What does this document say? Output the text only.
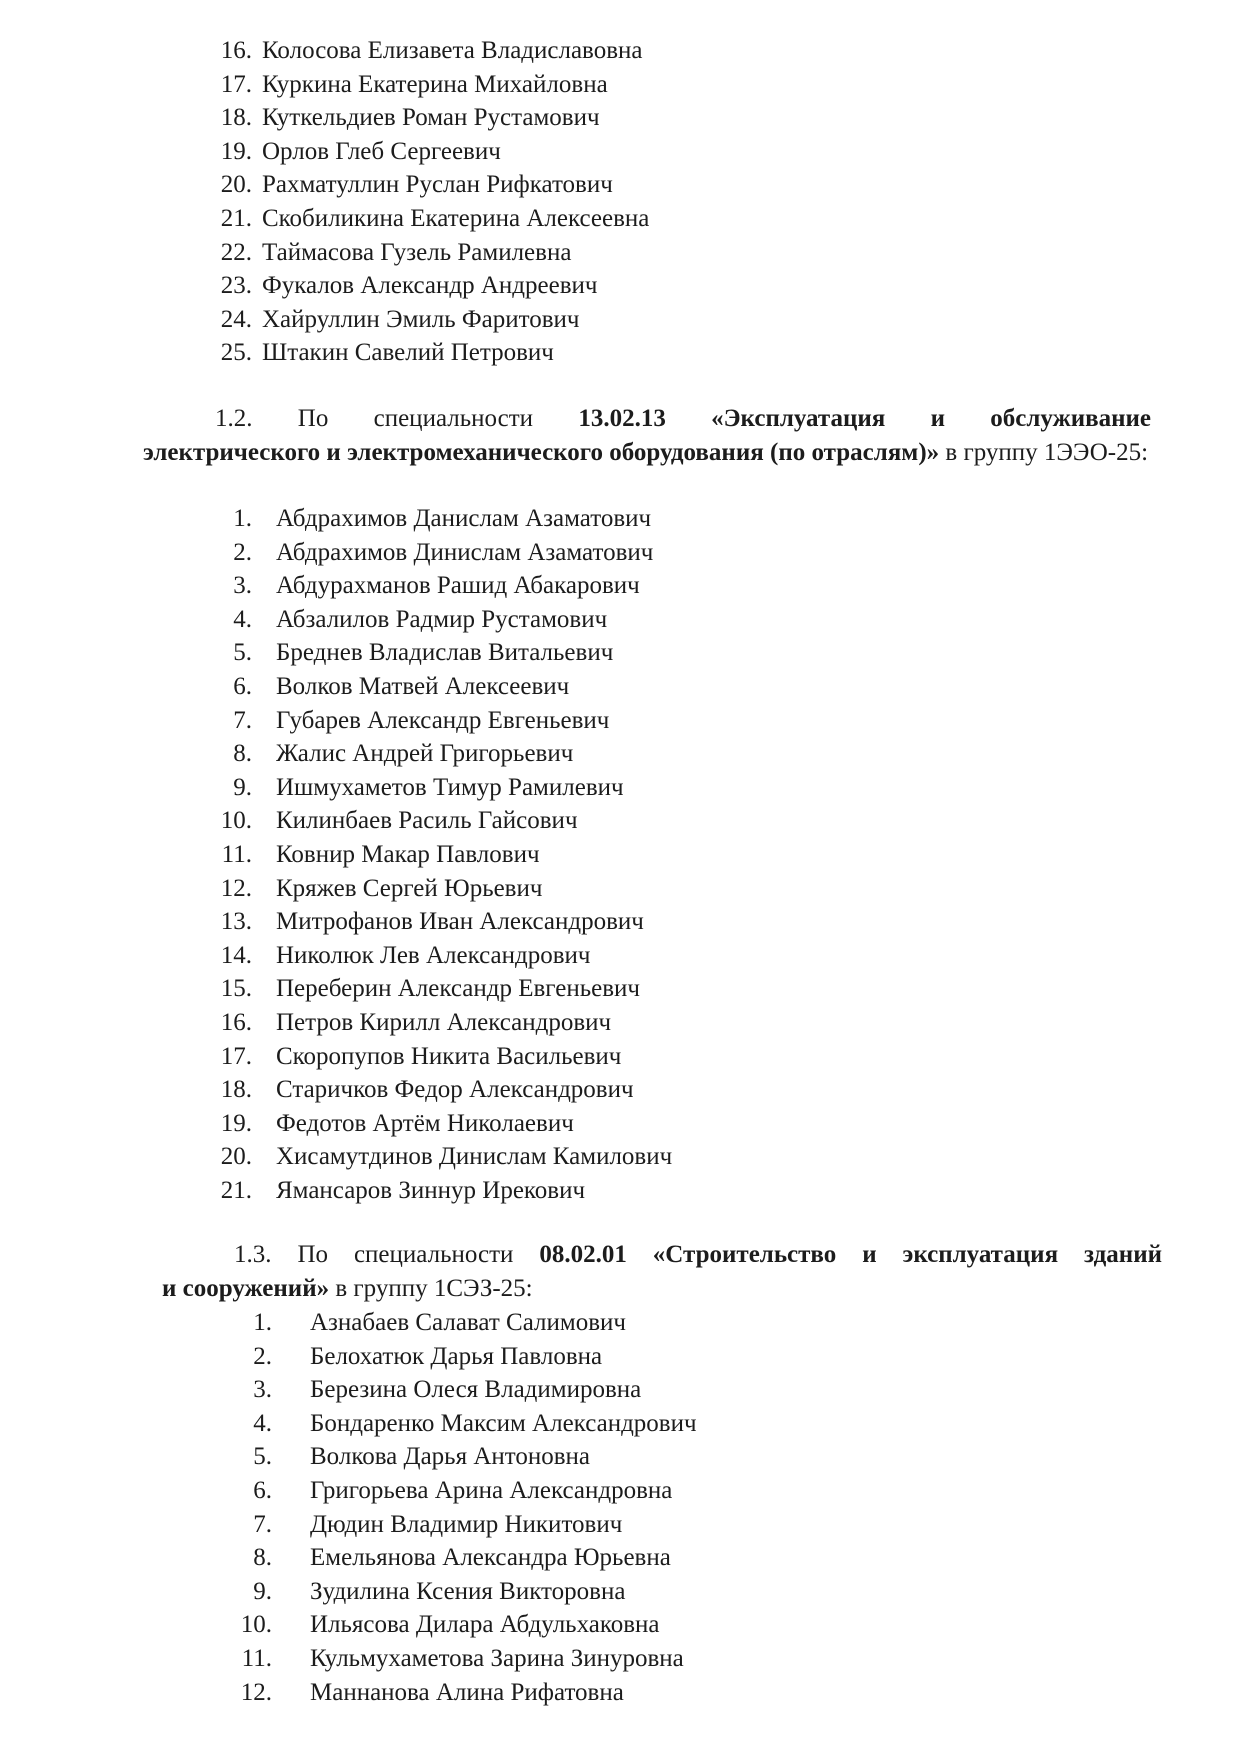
16. Колосова Елизавета Владиславовна
17. Куркина Екатерина Михайловна
18. Куткельдиев Роман Рустамович
19. Орлов Глеб Сергеевич
20. Рахматуллин Руслан Рифкатович
21. Скобиликина Екатерина Алексеевна
22. Таймасова Гузель Рамилевна
23. Фукалов Александр Андреевич
24. Хайруллин Эмиль Фаритович
25. Штакин Савелий Петрович

1.2. По специальности 13.02.13 «Эксплуатация и обслуживание
электрического и электромеханического оборудования (по отраслям)» в группу 1ЭЭО-25:

1. Абдрахимов Данислам Азаматович
2. Абдрахимов Динислам Азаматович
3. Абдурахманов Рашид Абакарович
4. Абзалилов Радмир Рустамович
5. Бреднев Владислав Витальевич
6. Волков Матвей Алексеевич
7. Губарев Александр Евгеньевич
8. Жалис Андрей Григорьевич
9. Ишмухаметов Тимур Рамилевич
10. Килинбаев Расиль Гайсович
11. Ковнир Макар Павлович
12. Кряжев Сергей Юрьевич
13. Митрофанов Иван Александрович
14. Николюк Лев Александрович
15. Переберин Александр Евгеньевич
16. Петров Кирилл Александрович
17. Скоропупов Никита Васильевич
18. Старичков Федор Александрович
19. Федотов Артём Николаевич
20. Хисамутдинов Динислам Камилович
21. Ямансаров Зиннур Ирекович

1.3. По специальности 08.02.01 «Строительство и эксплуатация зданий
и сооружений» в группу 1СЭЗ-25:

1. Азнабаев Салават Салимович
2. Белохатюк Дарья Павловна
3. Березина Олеся Владимировна
4. Бондаренко Максим Александрович
5. Волкова Дарья Антоновна
6. Григорьева Арина Александровна
7. Дюдин Владимир Никитович
8. Емельянова Александра Юрьевна
9. Зудилина Ксения Викторовна
10. Ильясова Дилара Абдульхаковна
11. Кульмухаметова Зарина Зинуровна
12. Маннанова Алина Рифатовна
